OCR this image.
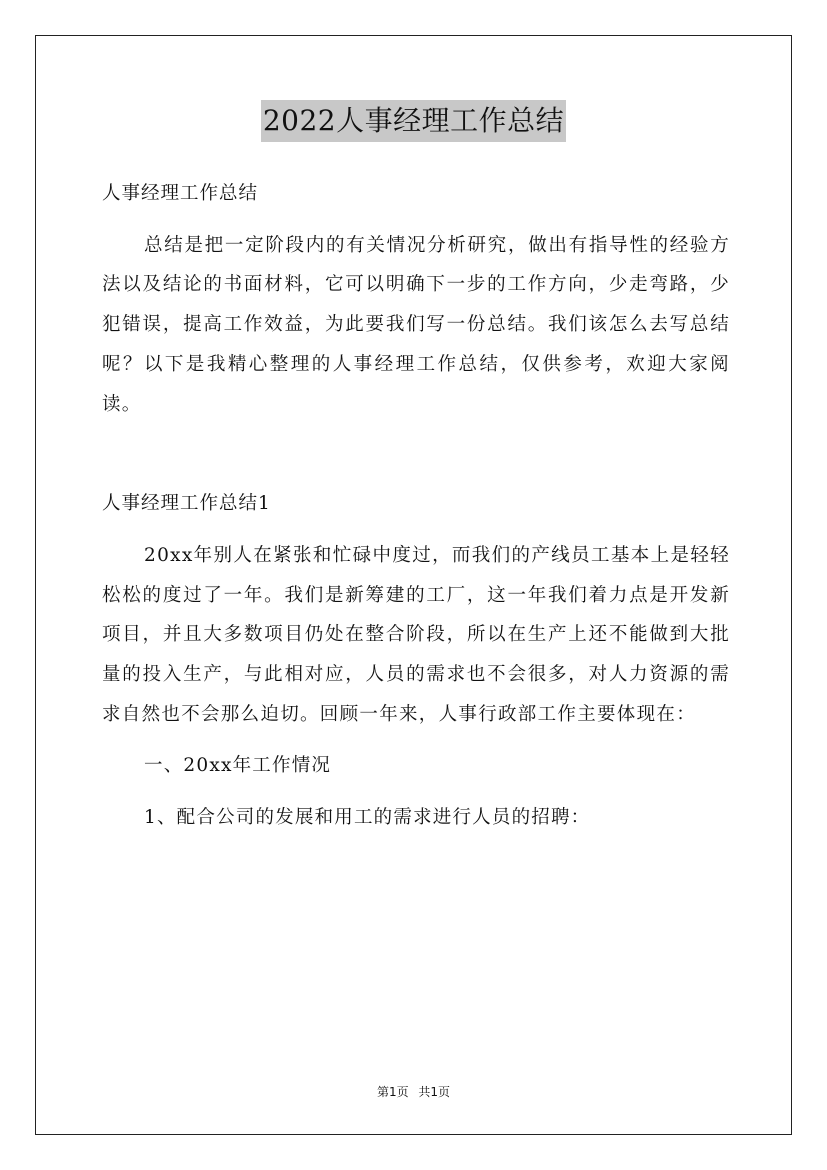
2022人事经理工作总结

人事经理工作总结

总结是把一定阶段内的有关情况分析研究，做出有指导性的经验方法以及结论的书面材料，它可以明确下一步的工作方向，少走弯路，少犯错误，提高工作效益，为此要我们写一份总结。我们该怎么去写总结呢？以下是我精心整理的人事经理工作总结，仅供参考，欢迎大家阅读。

人事经理工作总结1

20xx年别人在紧张和忙碌中度过，而我们的产线员工基本上是轻轻松松的度过了一年。我们是新筹建的工厂，这一年我们着力点是开发新项目，并且大多数项目仍处在整合阶段，所以在生产上还不能做到大批量的投入生产，与此相对应，人员的需求也不会很多，对人力资源的需求自然也不会那么迫切。回顾一年来，人事行政部工作主要体现在：

一、20xx年工作情况

1、配合公司的发展和用工的需求进行人员的招聘：

第1页 共1页
